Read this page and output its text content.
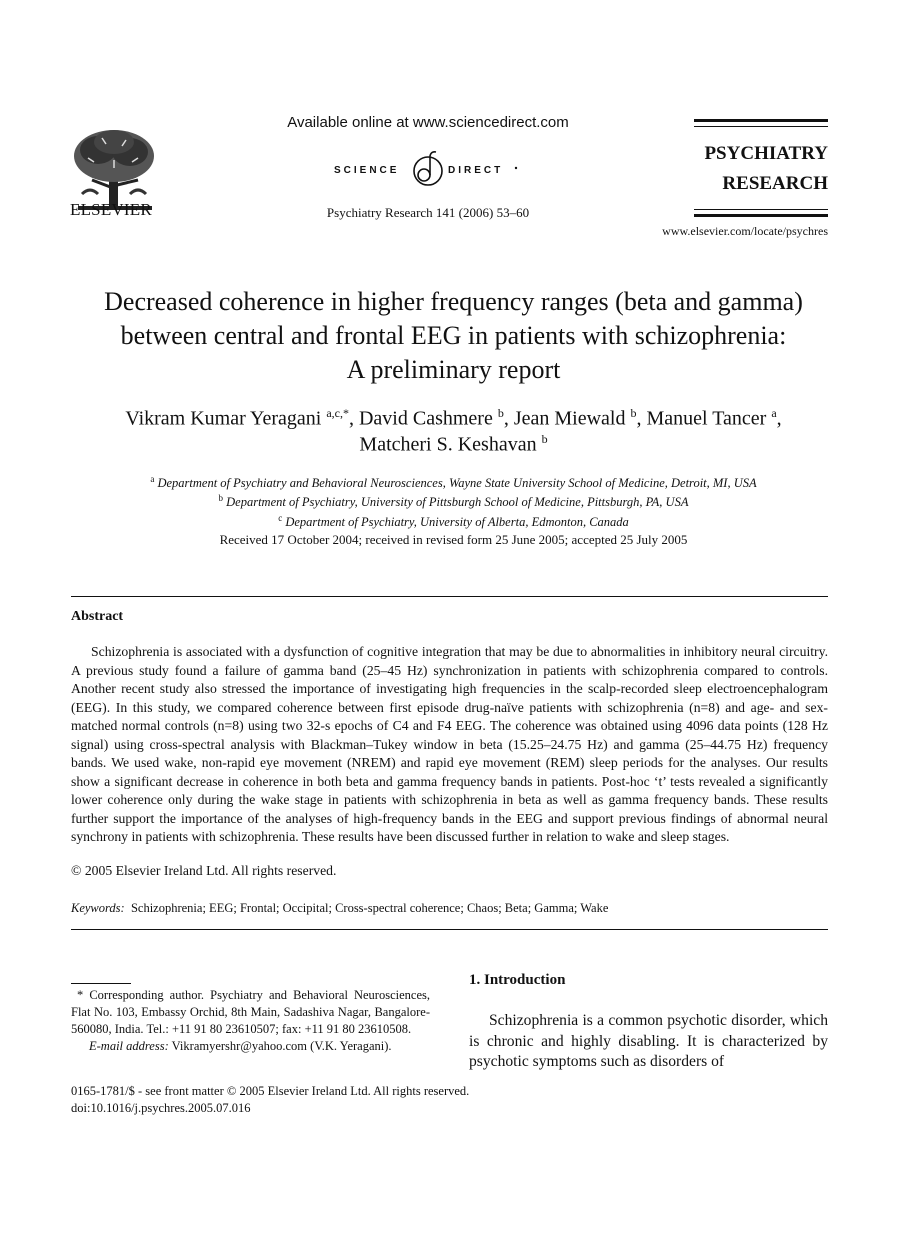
ELSEVIER
Available online at www.sciencedirect.com
SCIENCE	DIRECT
Psychiatry Research 141 (2006) 53–60
PSYCHIATRY
RESEARCH
www.elsevier.com/locate/psychres
Decreased coherence in higher frequency ranges (beta and gamma)
between central and frontal EEG in patients with schizophrenia:
A preliminary report
Vikram Kumar Yeragani $^{a,c,*}$, David Cashmere $^b$, Jean Miewald $^b$, Manuel Tancer $^a$,
Matcheri S. Keshavan $^b$
$^a$ Department of Psychiatry and Behavioral Neurosciences, Wayne State University School of Medicine, Detroit, MI, USA
$^b$ Department of Psychiatry, University of Pittsburgh School of Medicine, Pittsburgh, PA, USA
$^c$ Department of Psychiatry, University of Alberta, Edmonton, Canada
Received 17 October 2004; received in revised form 25 June 2005; accepted 25 July 2005
Abstract

Schizophrenia is associated with a dysfunction of cognitive integration that may be due to abnormalities in inhibitory neural circuitry. A previous study found a failure of gamma band (25–45 Hz) synchronization in patients with schizophrenia compared to controls. Another recent study also stressed the importance of investigating high frequencies in the scalp-recorded sleep electroencephalogram (EEG). In this study, we compared coherence between first episode drug-naïve patients with schizophrenia (n=8) and age- and sex-matched normal controls (n=8) using two 32-s epochs of C4 and F4 EEG. The coherence was obtained using 4096 data points (128 Hz signal) using cross-spectral analysis with Blackman–Tukey window in beta (15.25–24.75 Hz) and gamma (25–44.75 Hz) frequency bands. We used wake, non-rapid eye movement (NREM) and rapid eye movement (REM) sleep periods for the analyses. Our results show a significant decrease in coherence in both beta and gamma frequency bands in patients. Post-hoc ‘t’ tests revealed a significantly lower coherence only during the wake stage in patients with schizophrenia in beta as well as gamma frequency bands. These results further support the importance of the analyses of high-frequency bands in the EEG and support previous findings of abnormal neural synchrony in patients with schizophrenia. These results have been discussed further in relation to wake and sleep stages.

© 2005 Elsevier Ireland Ltd. All rights reserved.
Keywords: Schizophrenia; EEG; Frontal; Occipital; Cross-spectral coherence; Chaos; Beta; Gamma; Wake

* Corresponding author. Psychiatry and Behavioral Neurosciences, Flat No. 103, Embassy Orchid, 8th Main, Sadashiva Nagar, Bangalore-560080, India. Tel.: +11 91 80 23610507; fax: +11 91 80 23610508.

E-mail address: Vikramyershr@yahoo.com (V.K. Yeragani).

0165-1781/$ - see front matter © 2005 Elsevier Ireland Ltd. All rights reserved.
doi:10.1016/j.psychres.2005.07.016
1. Introduction

Schizophrenia is a common psychotic disorder, which is chronic and highly disabling. It is characterized by psychotic symptoms such as disorders of
